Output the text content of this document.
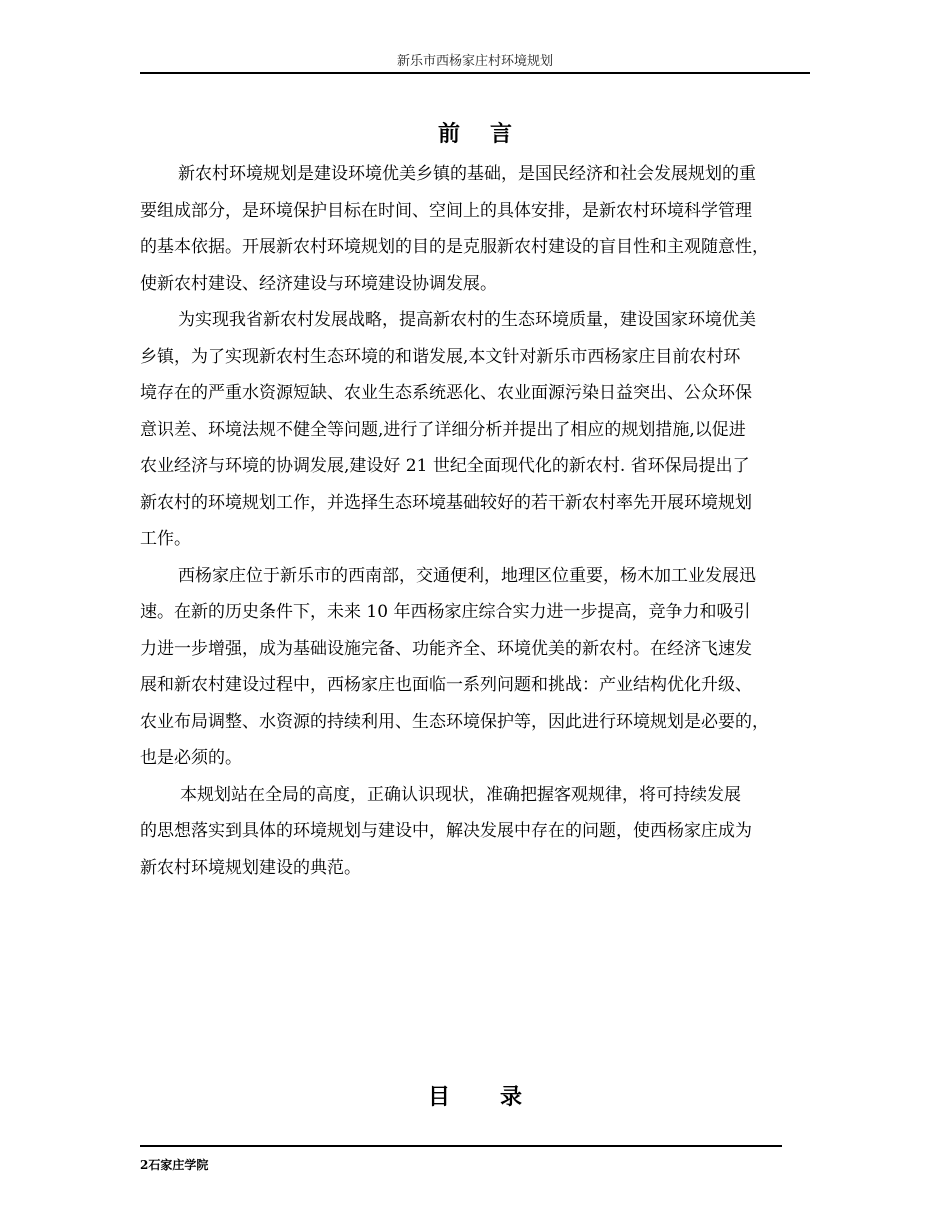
新乐市西杨家庄村环境规划
前 言
新农村环境规划是建设环境优美乡镇的基础，是国民经济和社会发展规划的重
要组成部分，是环境保护目标在时间、空间上的具体安排，是新农村环境科学管理
的基本依据。开展新农村环境规划的目的是克服新农村建设的盲目性和主观随意性，
使新农村建设、经济建设与环境建设协调发展。
为实现我省新农村发展战略，提高新农村的生态环境质量，建设国家环境优美
乡镇，为了实现新农村生态环境的和谐发展,本文针对新乐市西杨家庄目前农村环
境存在的严重水资源短缺、农业生态系统恶化、农业面源污染日益突出、公众环保
意识差、环境法规不健全等问题,进行了详细分析并提出了相应的规划措施,以促进
农业经济与环境的协调发展,建设好 21 世纪全面现代化的新农村. 省环保局提出了
新农村的环境规划工作，并选择生态环境基础较好的若干新农村率先开展环境规划
工作。
西杨家庄位于新乐市的西南部，交通便利，地理区位重要，杨木加工业发展迅
速。在新的历史条件下，未来 10 年西杨家庄综合实力进一步提高，竞争力和吸引
力进一步增强，成为基础设施完备、功能齐全、环境优美的新农村。在经济飞速发
展和新农村建设过程中，西杨家庄也面临一系列问题和挑战：产业结构优化升级、
农业布局调整、水资源的持续利用、生态环境保护等，因此进行环境规划是必要的，
也是必须的。
本规划站在全局的高度，正确认识现状，准确把握客观规律，将可持续发展
的思想落实到具体的环境规划与建设中，解决发展中存在的问题，使西杨家庄成为
新农村环境规划建设的典范。
目 录
2石家庄学院
